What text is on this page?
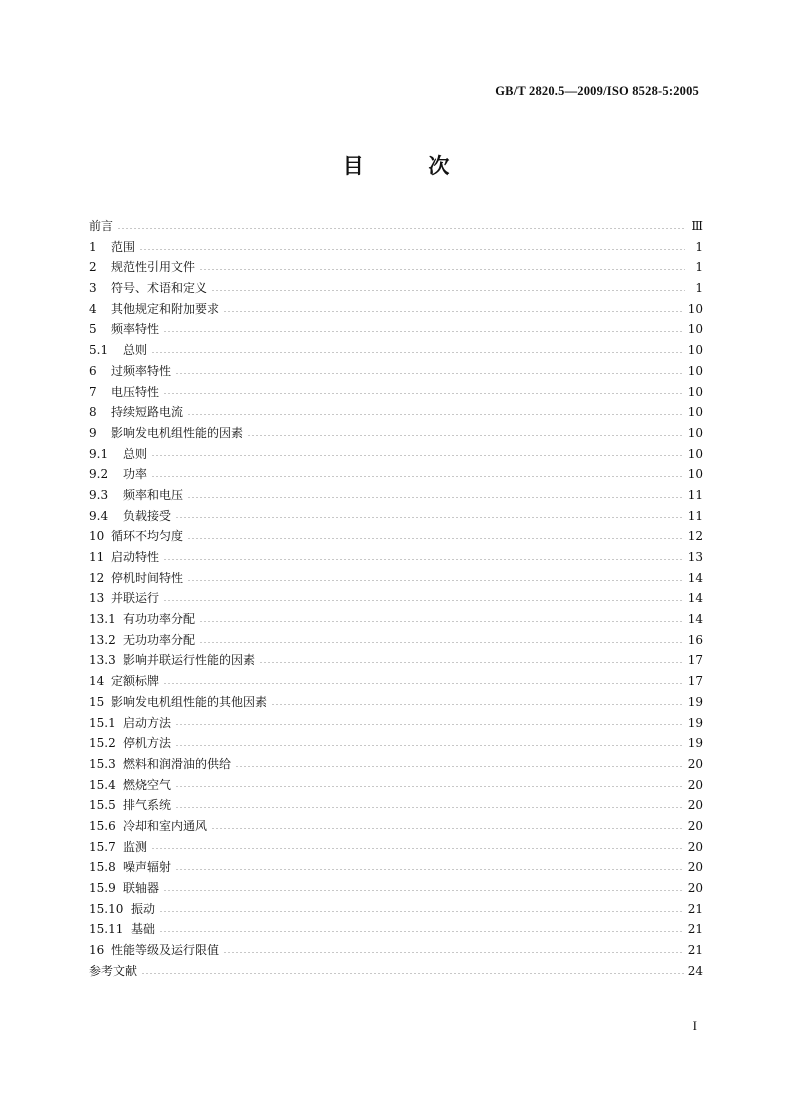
GB/T 2820.5—2009/ISO 8528-5:2005
目	次
前言	Ⅲ
1	范围	1
2	规范性引用文件	1
3	符号、术语和定义	1
4	其他规定和附加要求	10
5	频率特性	10
5.1	总则	10
6	过频率特性	10
7	电压特性	10
8	持续短路电流	10
9	影响发电机组性能的因素	10
9.1	总则	10
9.2	功率	10
9.3	频率和电压	11
9.4	负载接受	11
10 循环不均匀度	12
11 启动特性	13
12 停机时间特性	14
13 并联运行	14
13.1 有功功率分配	14
13.2 无功功率分配	16
13.3 影响并联运行性能的因素	17
14 定额标牌	17
15 影响发电机组性能的其他因素	19
15.1 启动方法	19
15.2 停机方法	19
15.3 燃料和润滑油的供给	20
15.4 燃烧空气	20
15.5 排气系统	20
15.6 冷却和室内通风	20
15.7 监测	20
15.8 噪声辐射	20
15.9 联轴器	20
15.10 振动	21
15.11 基础	21
16 性能等级及运行限值	21
参考文献	24
I
